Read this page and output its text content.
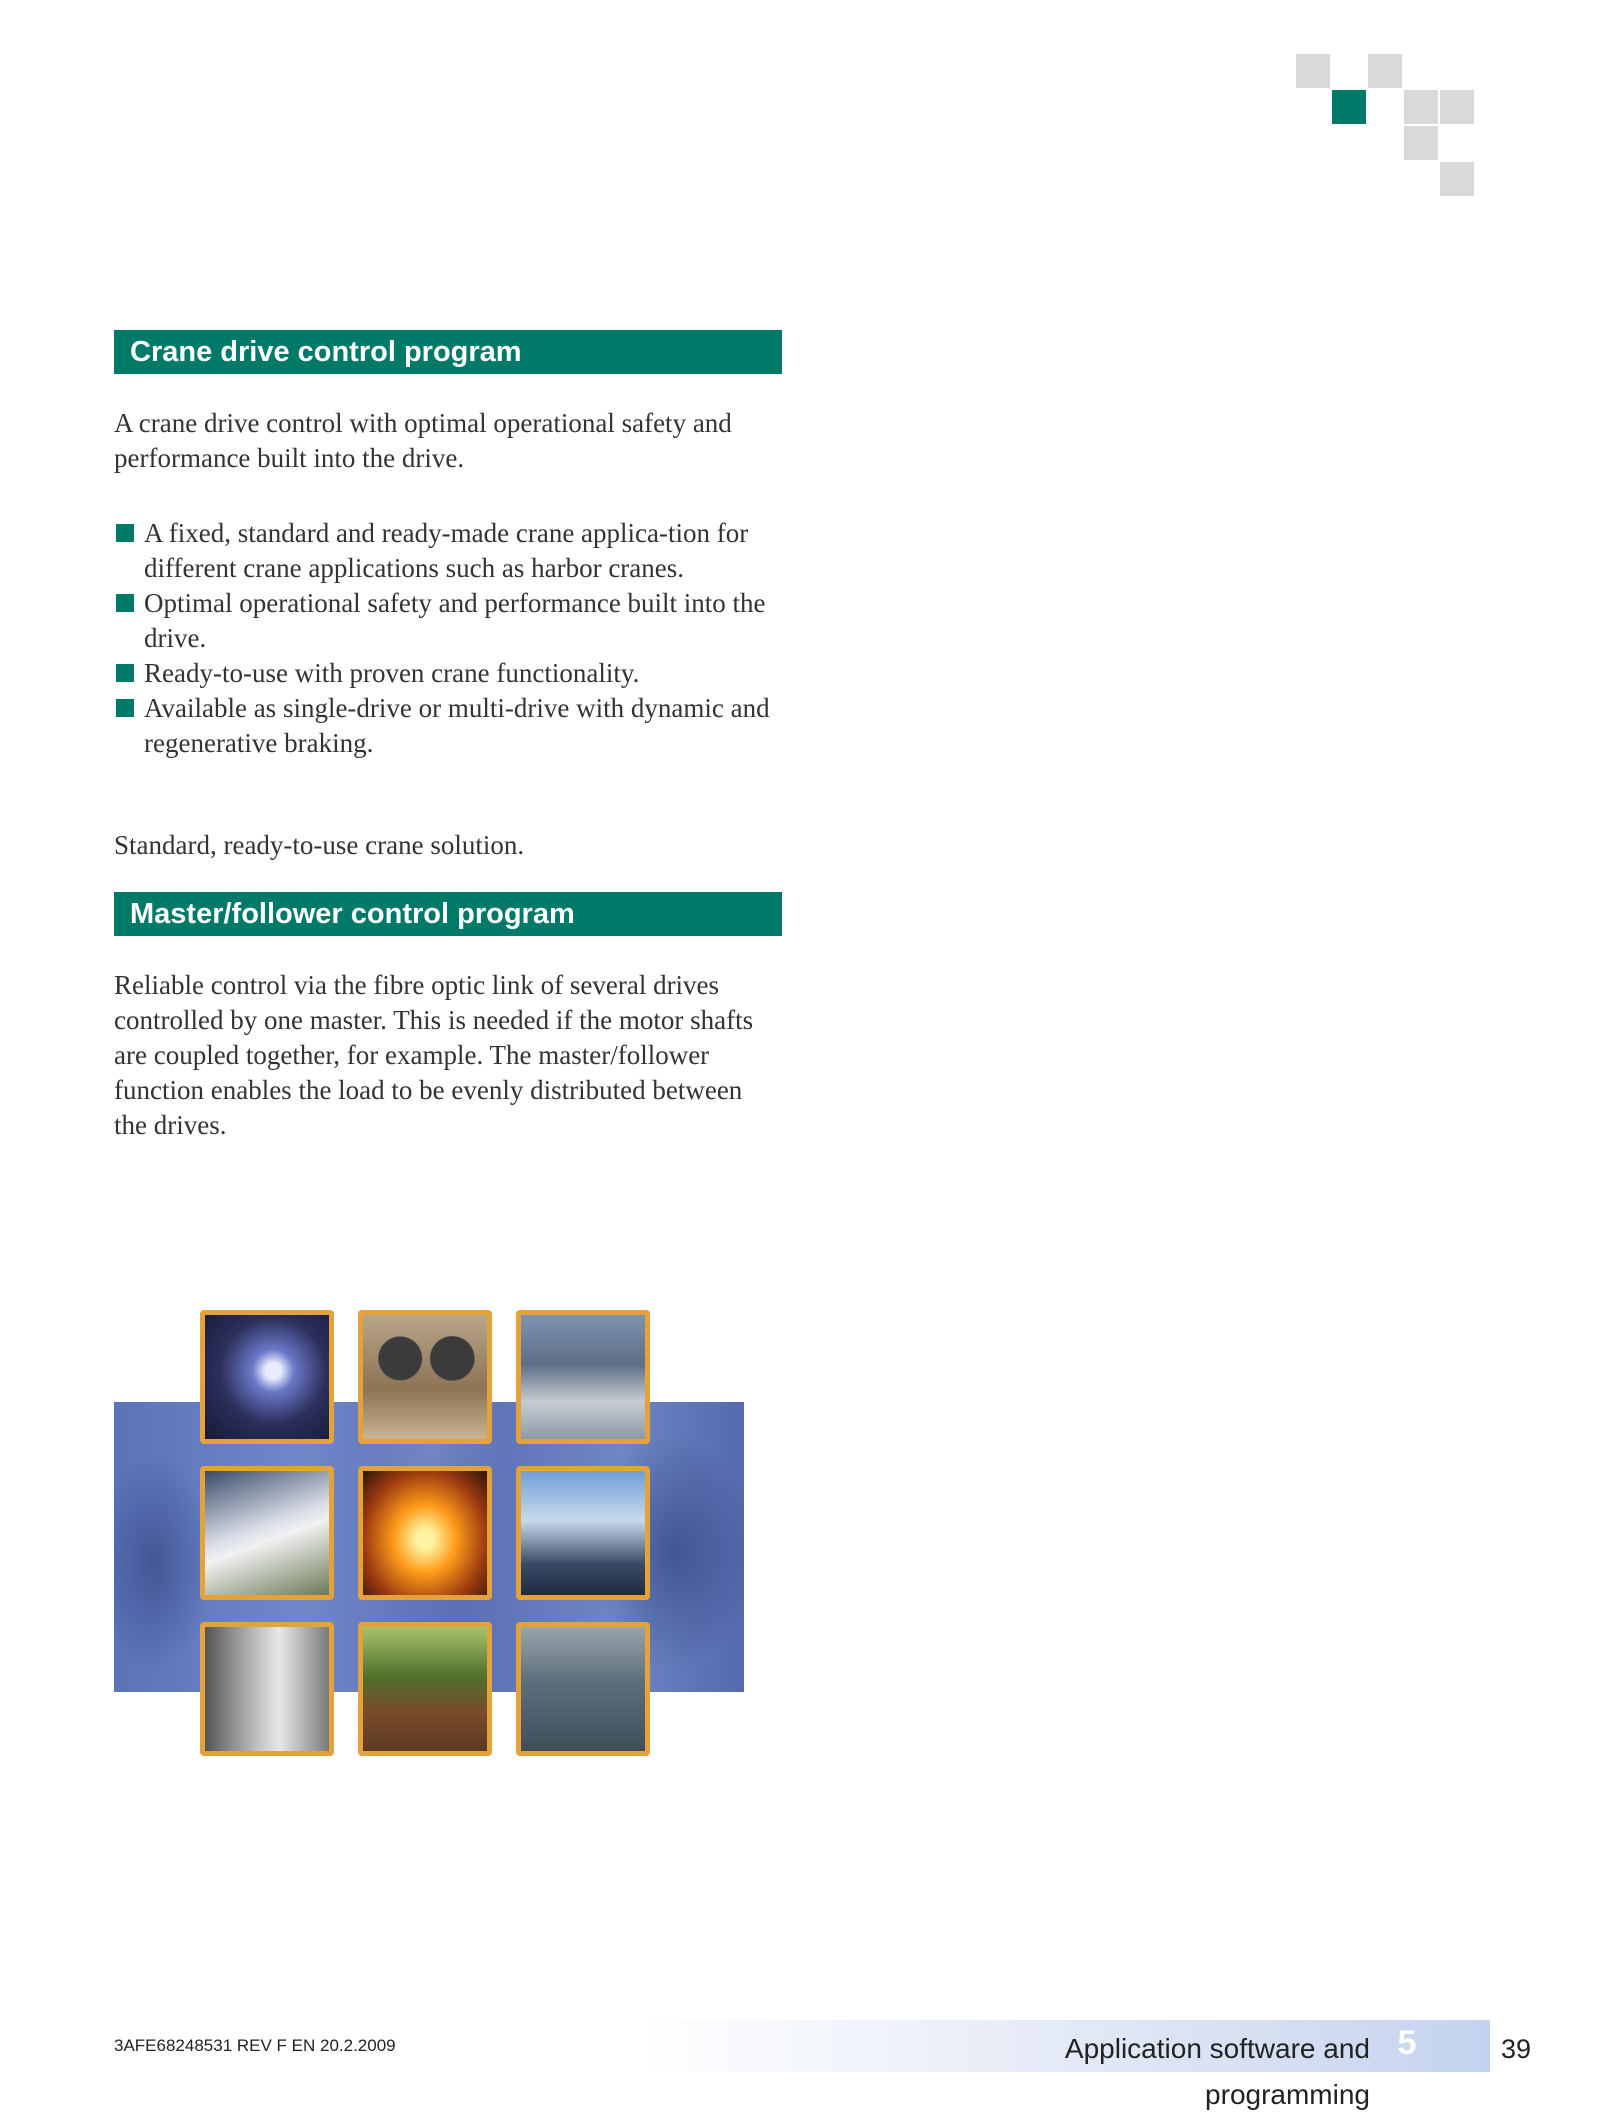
Crane drive control program

A crane drive control with optimal operational safety and performance built into the drive.

A fixed, standard and ready-made crane applica-tion for different crane applications such as harbor cranes.
Optimal operational safety and performance built into the drive.
Ready-to-use with proven crane functionality.
Available as single-drive or multi-drive with dynamic and regenerative braking.

Standard, ready-to-use crane solution.

Master/follower control program

Reliable control via the fibre optic link of several drives controlled by one master. This is needed if the motor shafts are coupled together, for example. The master/follower function enables the load to be evenly distributed between the drives.

3AFE68248531 REV F EN 20.2.2009	Application software and programming
5	39
